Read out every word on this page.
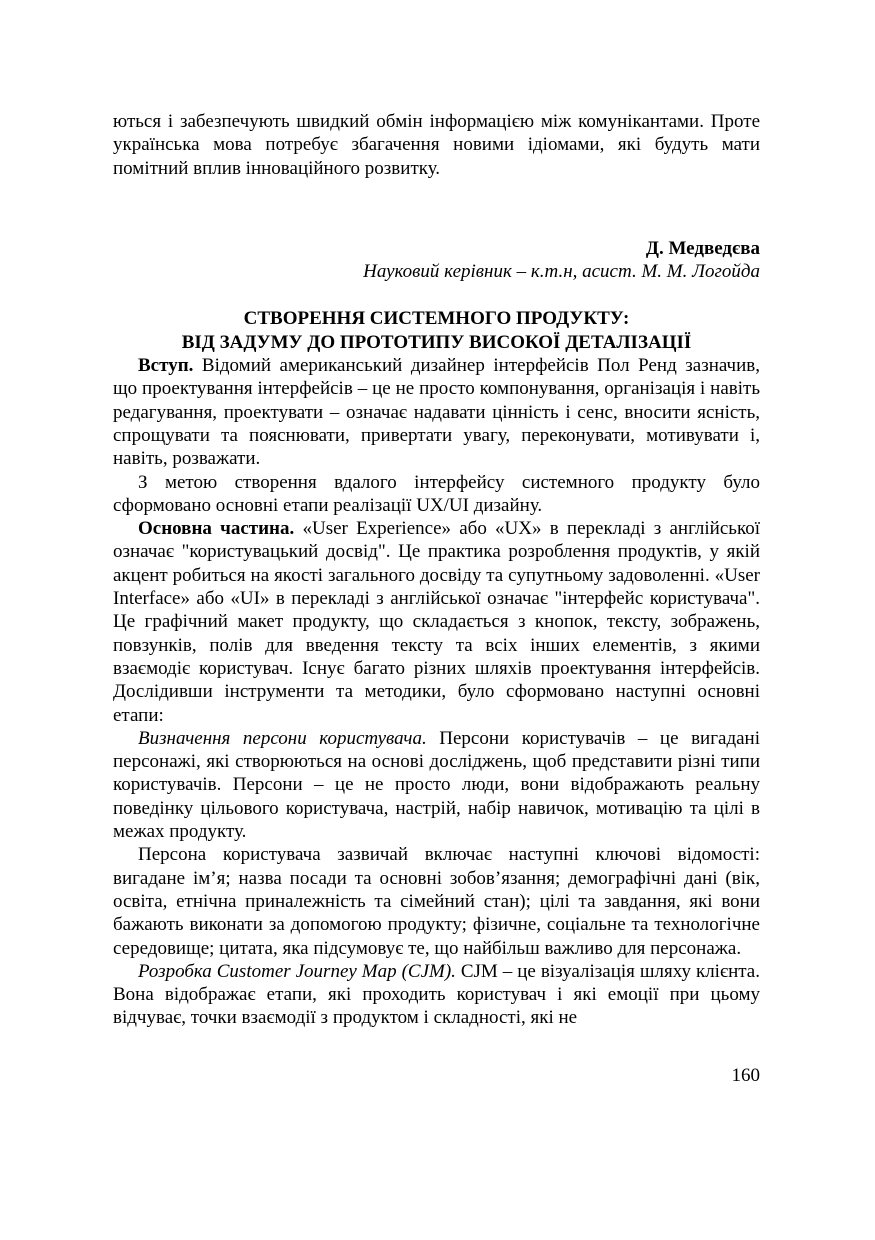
ються і забезпечують швидкий обмін інформацією між комунікантами. Проте українська мова потребує збагачення новими ідіомами, які будуть мати помітний вплив інноваційного розвитку.

Д. Медведєва
Науковий керівник – к.т.н, асист. М. М. Логойда
СТВОРЕННЯ СИСТЕМНОГО ПРОДУКТУ:
ВІД ЗАДУМУ ДО ПРОТОТИПУ ВИСОКОЇ ДЕТАЛІЗАЦІЇ

Вступ. Відомий американський дизайнер інтерфейсів Пол Ренд зазначив, що проектування інтерфейсів – це не просто компонування, організація і навіть редагування, проектувати – означає надавати цінність і сенс, вносити ясність, спрощувати та пояснювати, привертати увагу, переконувати, мотивувати і, навіть, розважати.

З метою створення вдалого інтерфейсу системного продукту було сформовано основні етапи реалізації UX/UI дизайну.

Основна частина. «User Experience» або «UX» в перекладі з англійської означає "користувацький досвід". Це практика розроблення продуктів, у якій акцент робиться на якості загального досвіду та супутньому задоволенні. «User Interface» або «UI» в перекладі з англійської означає "інтерфейс користувача". Це графічний макет продукту, що складається з кнопок, тексту, зображень, повзунків, полів для введення тексту та всіх інших елементів, з якими взаємодіє користувач. Існує багато різних шляхів проектування інтерфейсів. Дослідивши інструменти та методики, було сформовано наступні основні етапи:

Визначення персони користувача. Персони користувачів – це вигадані персонажі, які створюються на основі досліджень, щоб представити різні типи користувачів. Персони – це не просто люди, вони відображають реальну поведінку цільового користувача, настрій, набір навичок, мотивацію та цілі в межах продукту.

Персона користувача зазвичай включає наступні ключові відомості: вигадане ім’я; назва посади та основні зобов’язання; демографічні дані (вік, освіта, етнічна приналежність та сімейний стан); цілі та завдання, які вони бажають виконати за допомогою продукту; фізичне, соціальне та технологічне середовище; цитата, яка підсумовує те, що найбільш важливо для персонажа.

Розробка Customer Journey Map (CJM). CJM – це візуалізація шляху клієнта. Вона відображає етапи, які проходить користувач і які емоції при цьому відчуває, точки взаємодії з продуктом і складності, які не

160
